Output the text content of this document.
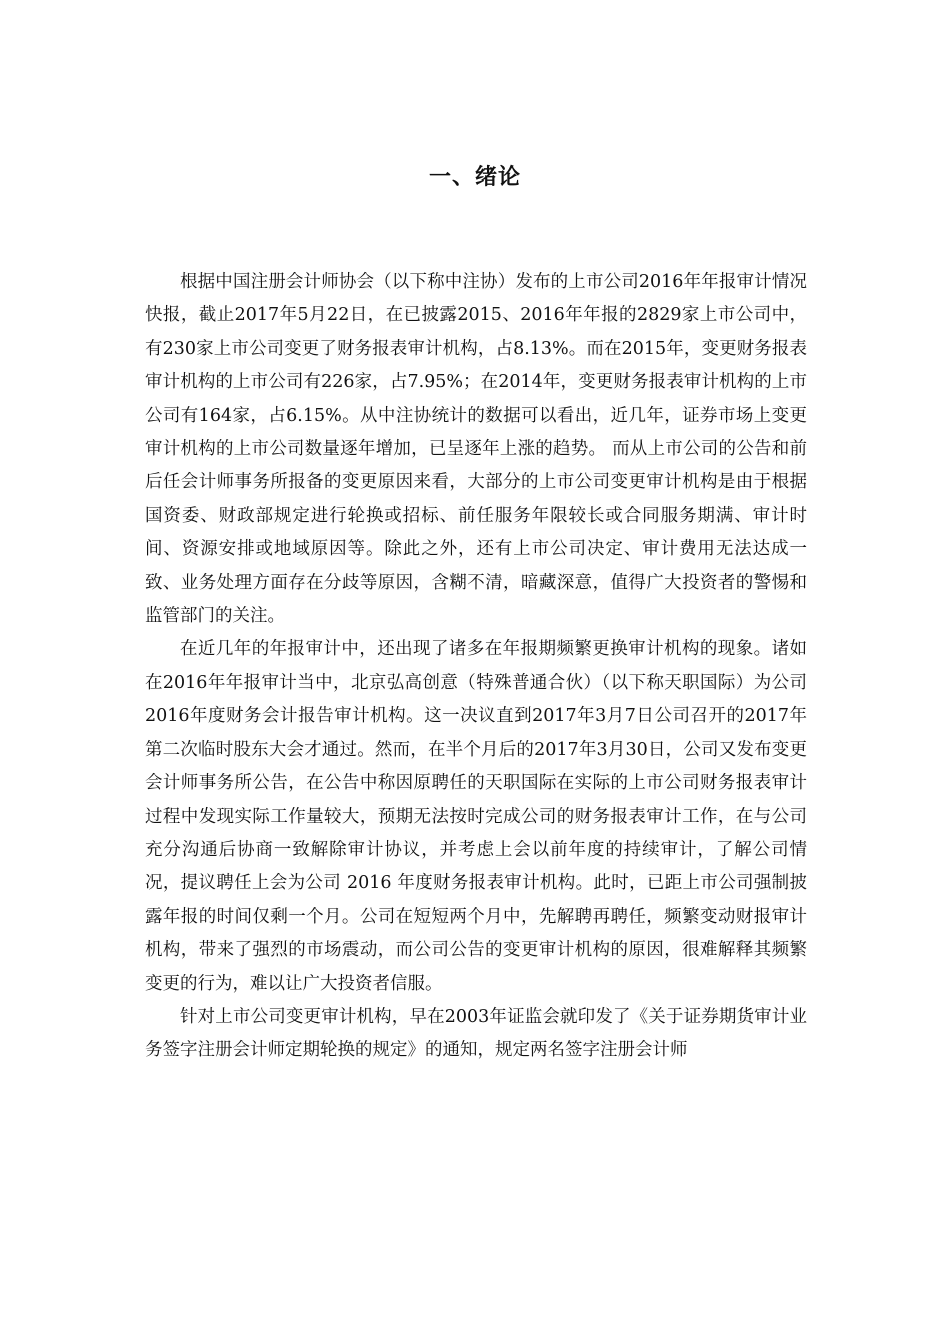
一、绪论

根据中国注册会计师协会（以下称中注协）发布的上市公司2016年年报审计情况快报，截止2017年5月22日，在已披露2015、2016年年报的2829家上市公司中，有230家上市公司变更了财务报表审计机构，占8.13%。而在2015年，变更财务报表审计机构的上市公司有226家，占7.95%；在2014年，变更财务报表审计机构的上市公司有164家，占6.15%。从中注协统计的数据可以看出，近几年，证券市场上变更审计机构的上市公司数量逐年增加，已呈逐年上涨的趋势。 而从上市公司的公告和前后任会计师事务所报备的变更原因来看，大部分的上市公司变更审计机构是由于根据国资委、财政部规定进行轮换或招标、前任服务年限较长或合同服务期满、审计时间、资源安排或地域原因等。除此之外，还有上市公司决定、审计费用无法达成一致、业务处理方面存在分歧等原因，含糊不清，暗藏深意，值得广大投资者的警惕和监管部门的关注。

在近几年的年报审计中，还出现了诸多在年报期频繁更换审计机构的现象。诸如在2016年年报审计当中，北京弘高创意（特殊普通合伙）（以下称天职国际）为公司 2016年度财务会计报告审计机构。这一决议直到2017年3月7日公司召开的2017年第二次临时股东大会才通过。然而，在半个月后的2017年3月30日，公司又发布变更会计师事务所公告，在公告中称因原聘任的天职国际在实际的上市公司财务报表审计过程中发现实际工作量较大，预期无法按时完成公司的财务报表审计工作，在与公司充分沟通后协商一致解除审计协议，并考虑上会以前年度的持续审计，了解公司情况，提议聘任上会为公司 2016 年度财务报表审计机构。此时，已距上市公司强制披露年报的时间仅剩一个月。公司在短短两个月中，先解聘再聘任，频繁变动财报审计机构，带来了强烈的市场震动，而公司公告的变更审计机构的原因，很难解释其频繁变更的行为，难以让广大投资者信服。

针对上市公司变更审计机构，早在2003年证监会就印发了《关于证券期货审计业务签字注册会计师定期轮换的规定》的通知，规定两名签字注册会计师
